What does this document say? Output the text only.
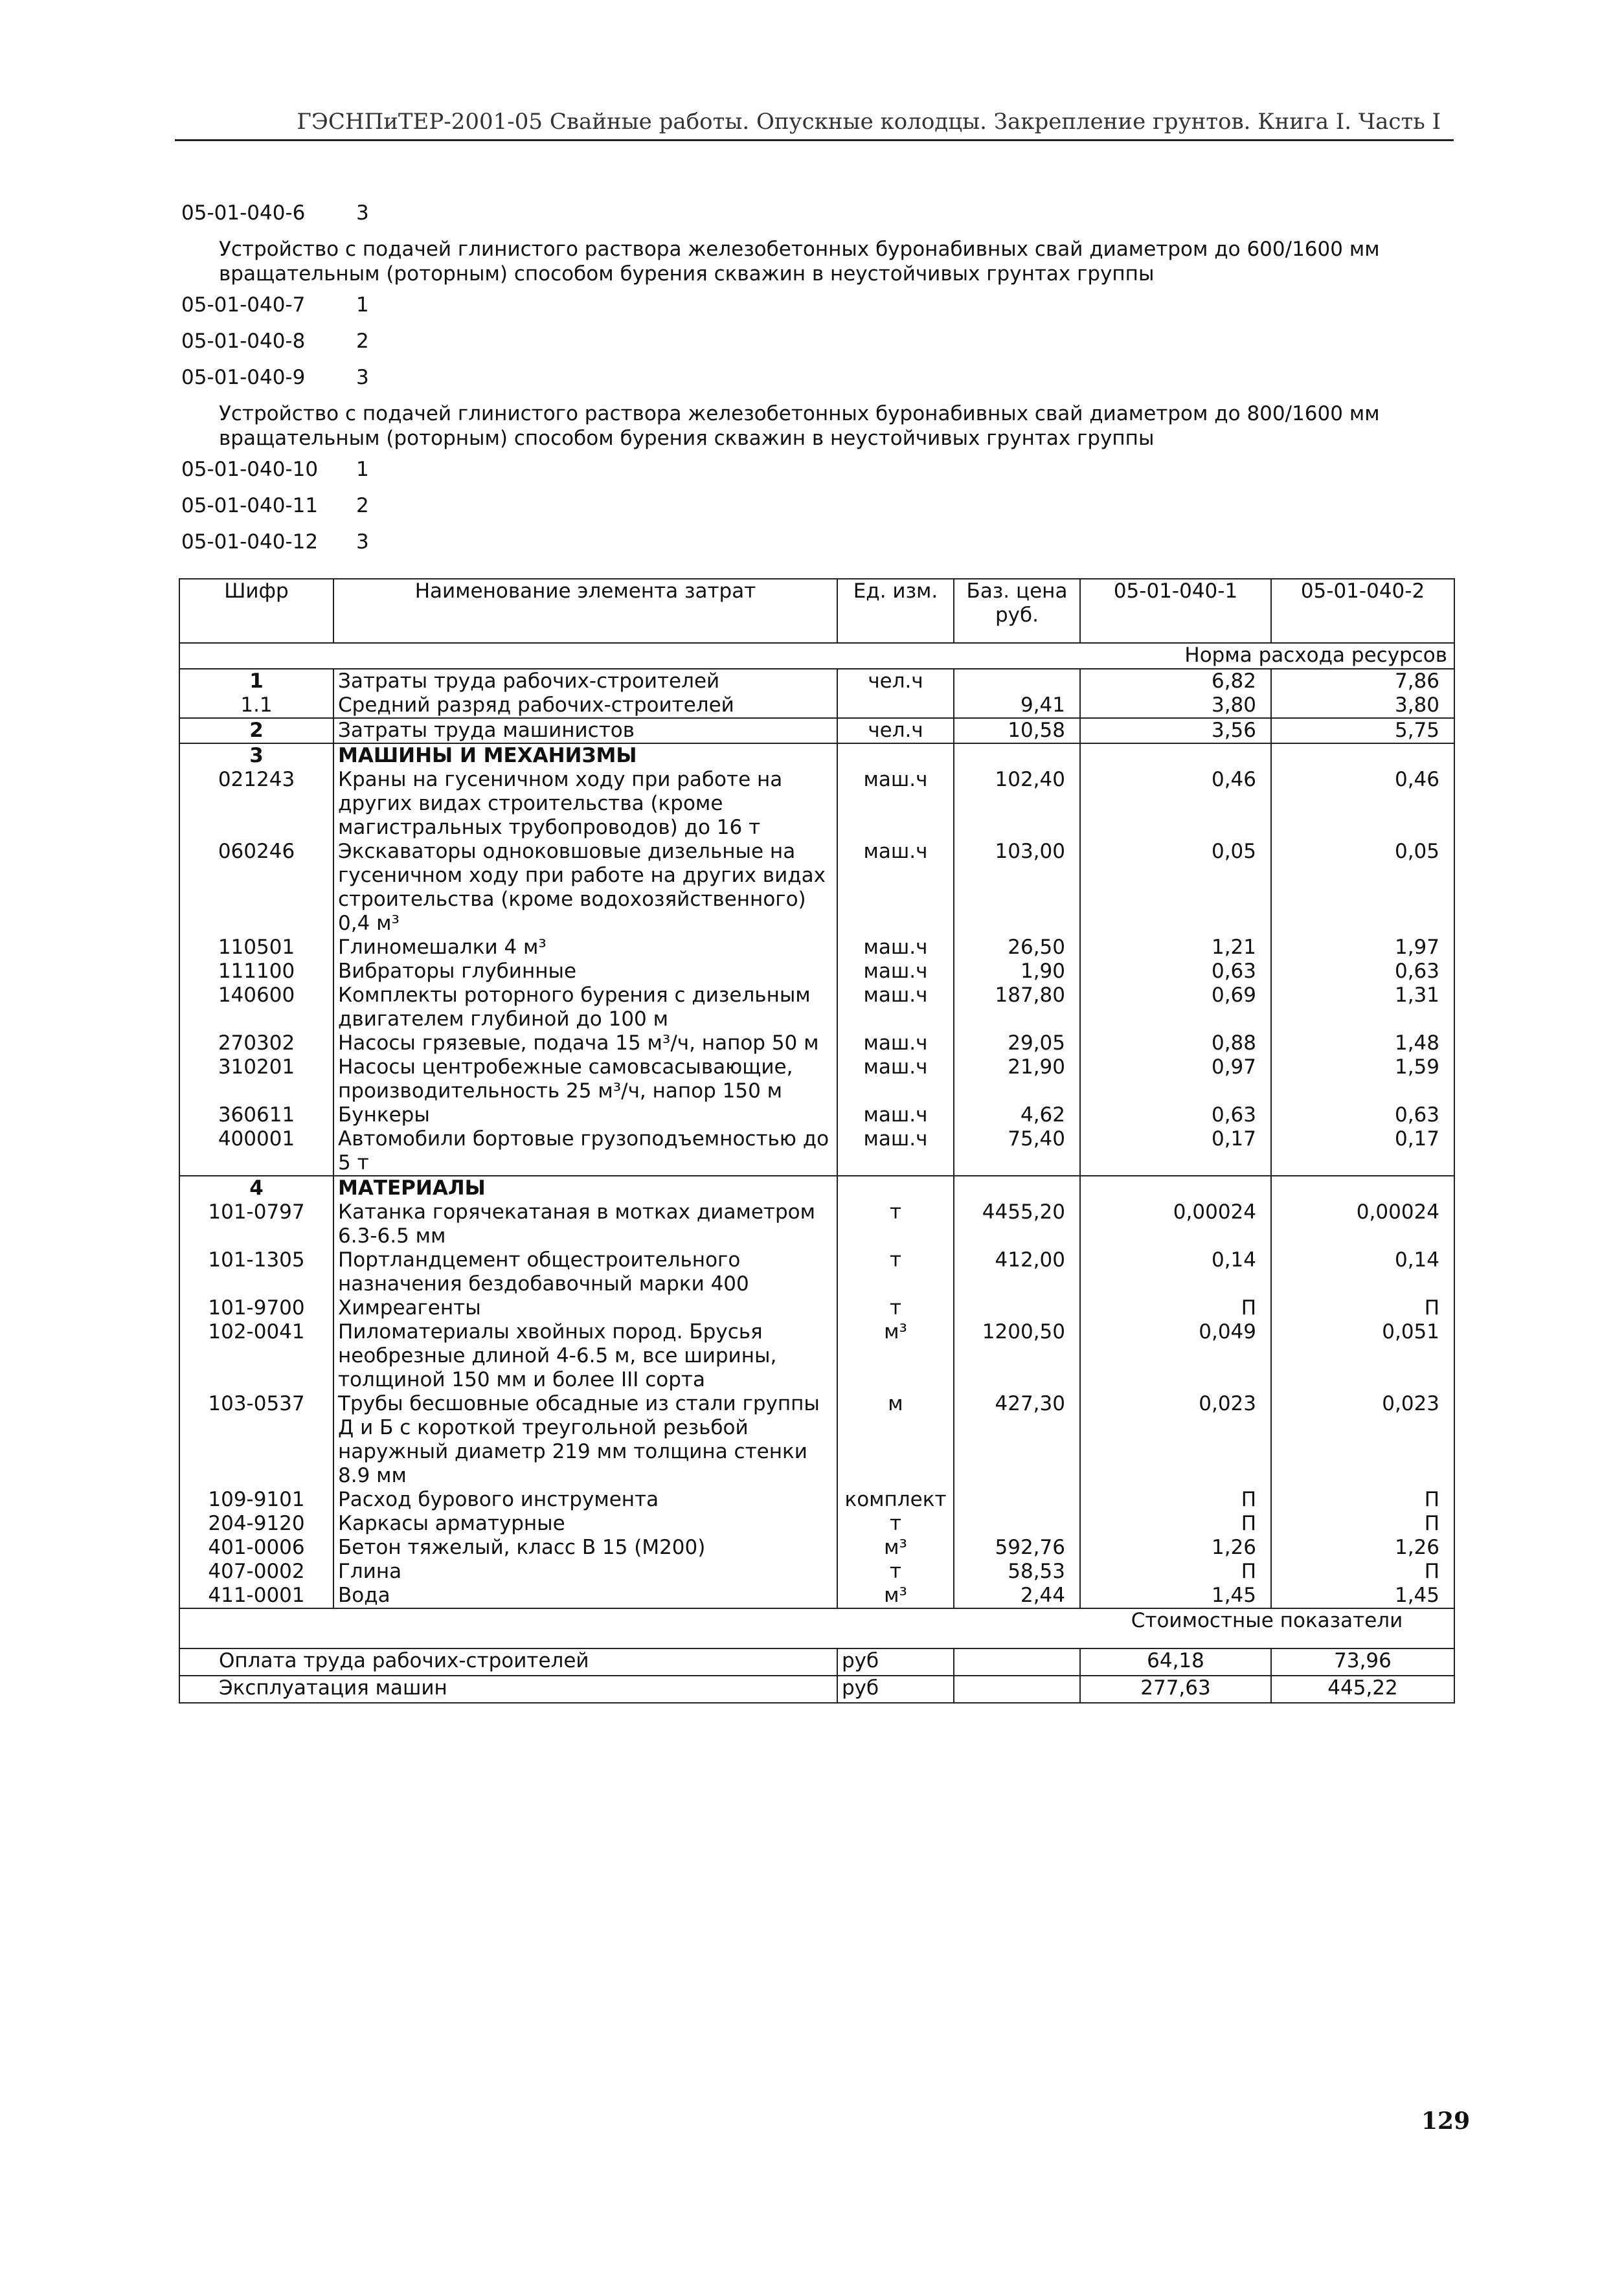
ГЭСНПиТЕР-2001-05 Свайные работы. Опускные колодцы. Закрепление грунтов. Книга I. Часть I
05-01-040-6	3

Устройство с подачей глинистого раствора железобетонных буронабивных свай диаметром до 600/1600 мм вращательным (роторным) способом бурения скважин в неустойчивых грунтах группы

05-01-040-7	1
05-01-040-8	2
05-01-040-9	3

Устройство с подачей глинистого раствора железобетонных буронабивных свай диаметром до 800/1600 мм вращательным (роторным) способом бурения скважин в неустойчивых грунтах группы

05-01-040-10	1
05-01-040-11	2
05-01-040-12	3
Шифр	Наименование элемента затрат	Ед. изм.	Баз. цена руб.	05-01-040-1	05-01-040-2
				Норма расхода ресурсов	
1	Затраты труда рабочих-строителей	чел.ч		6,82	7,86
1.1	Средний разряд рабочих-строителей		9,41	3,80	3,80
2	Затраты труда машинистов	чел.ч	10,58	3,56	5,75
3	МАШИНЫ И МЕХАНИЗМЫ				
021243	Краны на гусеничном ходу при работе на других видах строительства (кроме магистральных трубопроводов) до 16 т	маш.ч	102,40	0,46	0,46
060246	Экскаваторы одноковшовые дизельные на гусеничном ходу при работе на других видах строительства (кроме водохозяйственного) 0,4 м³	маш.ч	103,00	0,05	0,05
110501	Глиномешалки 4 м³	маш.ч	26,50	1,21	1,97
111100	Вибраторы глубинные	маш.ч	1,90	0,63	0,63
140600	Комплекты роторного бурения с дизельным двигателем глубиной до 100 м	маш.ч	187,80	0,69	1,31
270302	Насосы грязевые, подача 15 м³/ч, напор 50 м	маш.ч	29,05	0,88	1,48
310201	Насосы центробежные самовсасывающие, производительность 25 м³/ч, напор 150 м	маш.ч	21,90	0,97	1,59
360611	Бункеры	маш.ч	4,62	0,63	0,63
400001	Автомобили бортовые грузоподъемностью до 5 т	маш.ч	75,40	0,17	0,17
4	МАТЕРИАЛЫ				
101-0797	Катанка горячекатаная в мотках диаметром 6.3-6.5 мм	т	4455,20	0,00024	0,00024
101-1305	Портландцемент общестроительного назначения бездобавочный марки 400	т	412,00	0,14	0,14
101-9700	Химреагенты	т		П	П
102-0041	Пиломатериалы хвойных пород. Брусья необрезные длиной 4-6.5 м, все ширины, толщиной 150 мм и более III сорта	м³	1200,50	0,049	0,051
103-0537	Трубы бесшовные обсадные из стали группы Д и Б с короткой треугольной резьбой наружный диаметр 219 мм толщина стенки 8.9 мм	м	427,30	0,023	0,023
109-9101	Расход бурового инструмента	комплект		П	П
204-9120	Каркасы арматурные	т		П	П
401-0006	Бетон тяжелый, класс В 15 (М200)	м³	592,76	1,26	1,26
407-0002	Глина	т	58,53	П	П
411-0001	Вода	м³	2,44	1,45	1,45
				Стоимостные показатели	
Оплата труда рабочих-строителей		руб		64,18	73,96
Эксплуатация машин		руб		277,63	445,22
129
